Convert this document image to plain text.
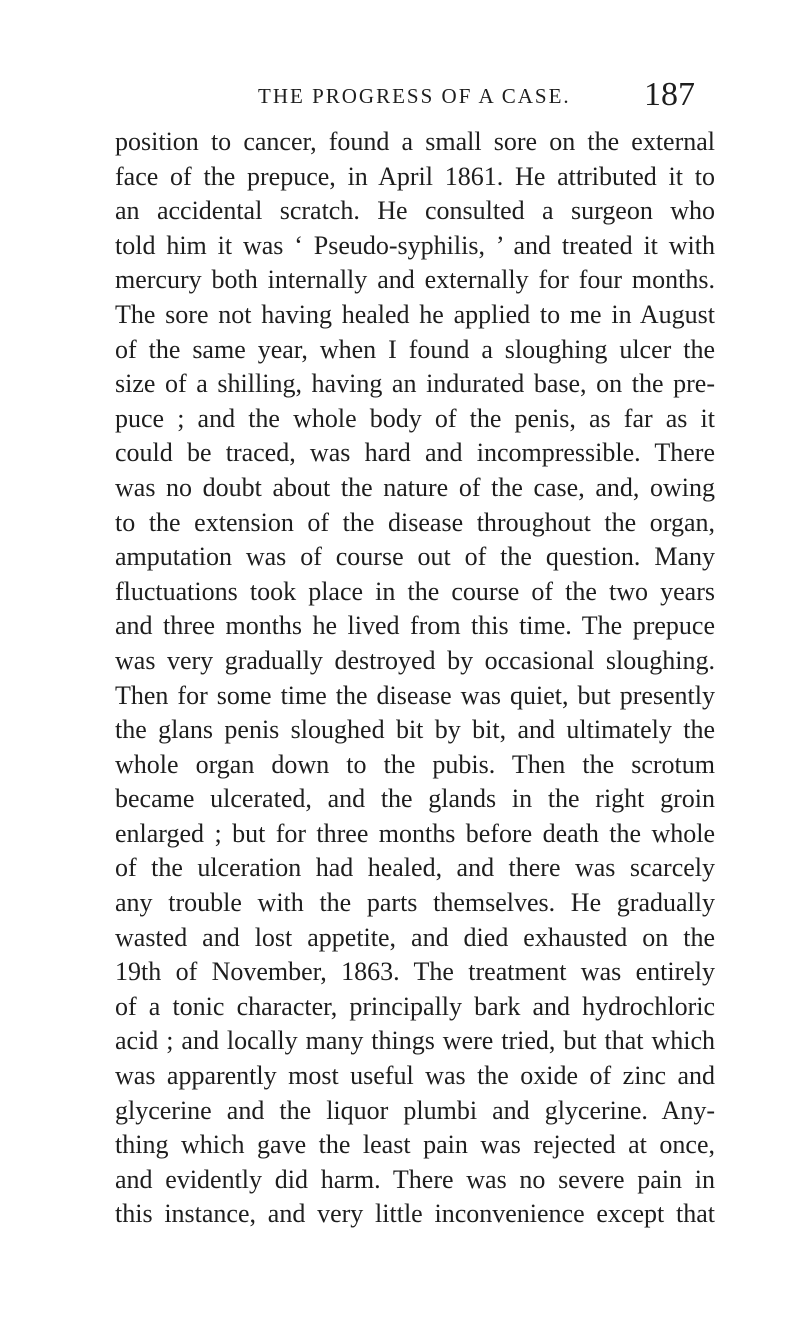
THE PROGRESS OF A CASE. 187
position to cancer, found a small sore on the external
face of the prepuce, in April 1861. He attributed it to
an accidental scratch. He consulted a surgeon who
told him it was ‘ Pseudo-syphilis, ’ and treated it with
mercury both internally and externally for four months.
The sore not having healed he applied to me in August
of the same year, when I found a sloughing ulcer the
size of a shilling, having an indurated base, on the pre-
puce ; and the whole body of the penis, as far as it
could be traced, was hard and incompressible. There
was no doubt about the nature of the case, and, owing
to the extension of the disease throughout the organ,
amputation was of course out of the question. Many
fluctuations took place in the course of the two years
and three months he lived from this time. The prepuce
was very gradually destroyed by occasional sloughing.
Then for some time the disease was quiet, but presently
the glans penis sloughed bit by bit, and ultimately the
whole organ down to the pubis. Then the scrotum
became ulcerated, and the glands in the right groin
enlarged ; but for three months before death the whole
of the ulceration had healed, and there was scarcely
any trouble with the parts themselves. He gradually
wasted and lost appetite, and died exhausted on the
19th of November, 1863. The treatment was entirely
of a tonic character, principally bark and hydrochloric
acid ; and locally many things were tried, but that which
was apparently most useful was the oxide of zinc and
glycerine and the liquor plumbi and glycerine. Any-
thing which gave the least pain was rejected at once,
and evidently did harm. There was no severe pain in
this instance, and very little inconvenience except that
